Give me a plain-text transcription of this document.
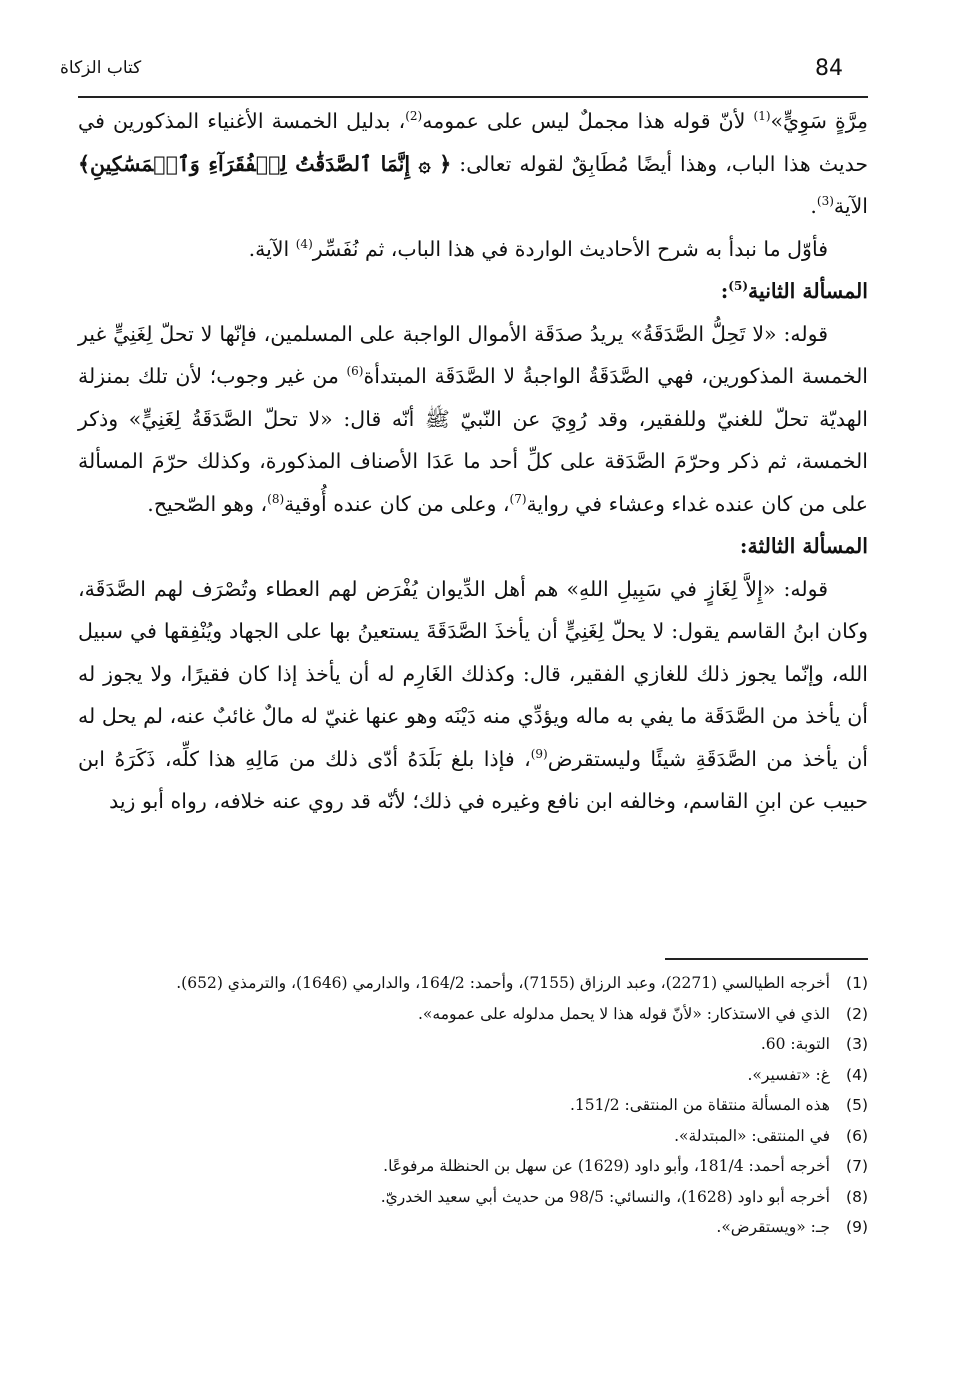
84
كتاب الزكاة

مِرَّةٍ سَوِيٍّ»$^{(1)}$ لأنّ قوله هذا مجملٌ ليس على عمومه$^{(2)}$، بدليل الخمسة الأغنياء المذكورين في حديث هذا الباب، وهذا أيضًا مُطَابِقٌ لقوله تعالى: ﴿ ۞ إِنَّمَا ٱلصَّدَقَٰتُ لِلۡفُقَرَآءِ وَٱلۡمَسَٰكِينِ﴾ الآية$^{(3)}$.

فأوّل ما نبدأ به شرح الأحاديث الواردة في هذا الباب، ثم نُفَسِّر$^{(4)}$ الآية.

المسألة الثانية$^{(5)}$:

قوله: «لا تَحِلُّ الصَّدَقَةُ» يريدُ صدَقَة الأموال الواجبة على المسلمين، فإنّها لا تحلّ لِغَنِيٍّ غير الخمسة المذكورين، فهي الصَّدَقَةُ الواجبةُ لا الصَّدَقَة المبتدأة$^{(6)}$ من غير وجوب؛ لأن تلك بمنزلة الهديّة تحلّ للغنيّ وللفقير، وقد رُوِيَ عن النّبيّ ﷺ أنّه قال: «لا تحلّ الصَّدَقَةُ لِغَنِيٍّ» وذكر الخمسة، ثم ذكر وحرّمَ الصَّدَقة على كلِّ أحد ما عَدَا الأصناف المذكورة، وكذلك حرّمَ المسألة على من كان عنده غداء وعشاء في رواية$^{(7)}$، وعلى من كان عنده أُوقية$^{(8)}$، وهو الصّحيح.

المسألة الثالثة:

قوله: «إِلاَّ لِغَازٍ في سَبِيلِ اللهِ» هم أهل الدِّيوان يُفْرَض لهم العطاء وتُصْرَف لهم الصَّدَقَة، وكان ابنُ القاسم يقول: لا يحلّ لِغَنِيٍّ أن يأخذَ الصَّدَقَةَ يستعينُ بها على الجهاد ويُنْفِقها في سبيل الله، وإنّما يجوز ذلك للغازي الفقير، قال: وكذلك الغَارِم له أن يأخذ إذا كان فقيرًا، ولا يجوز له أن يأخذ من الصَّدَقَة ما يفي به ماله ويؤدِّي منه دَيْنَه وهو عنها غنيّ له مالٌ غائبٌ عنه، لم يحل له أن يأخذ من الصَّدَقَةِ شيئًا وليستقرض$^{(9)}$، فإذا بلغ بَلَدَهُ أدّى ذلك من مَالِهِ هذا كلِّه، ذَكَرَهُ ابن حبيب عن ابنِ القاسم، وخالفه ابن نافع وغيره في ذلك؛ لأنّه قد روي عنه خلافه، رواه أبو زيد

(1)
أخرجه الطيالسي (2271)، وعبد الرزاق (7155)، وأحمد: 164/2، والدارمي (1646)، والترمذي (652).
(2)
الذي في الاستذكار: «لأنّ قوله هذا لا يحمل مدلوله على عمومه».
(3)
التوبة: 60.
(4)
غ: «تفسير».
(5)
هذه المسألة منتقاة من المنتقى: 151/2.
(6)
في المنتقى: «المبتدلة».
(7)
أخرجه أحمد: 181/4، وأبو داود (1629) عن سهل بن الحنظلة مرفوعًا.
(8)
أخرجه أبو داود (1628)، والنسائي: 98/5 من حديث أبي سعيد الخدريّ.
(9)
جـ: «ويستقرض».
